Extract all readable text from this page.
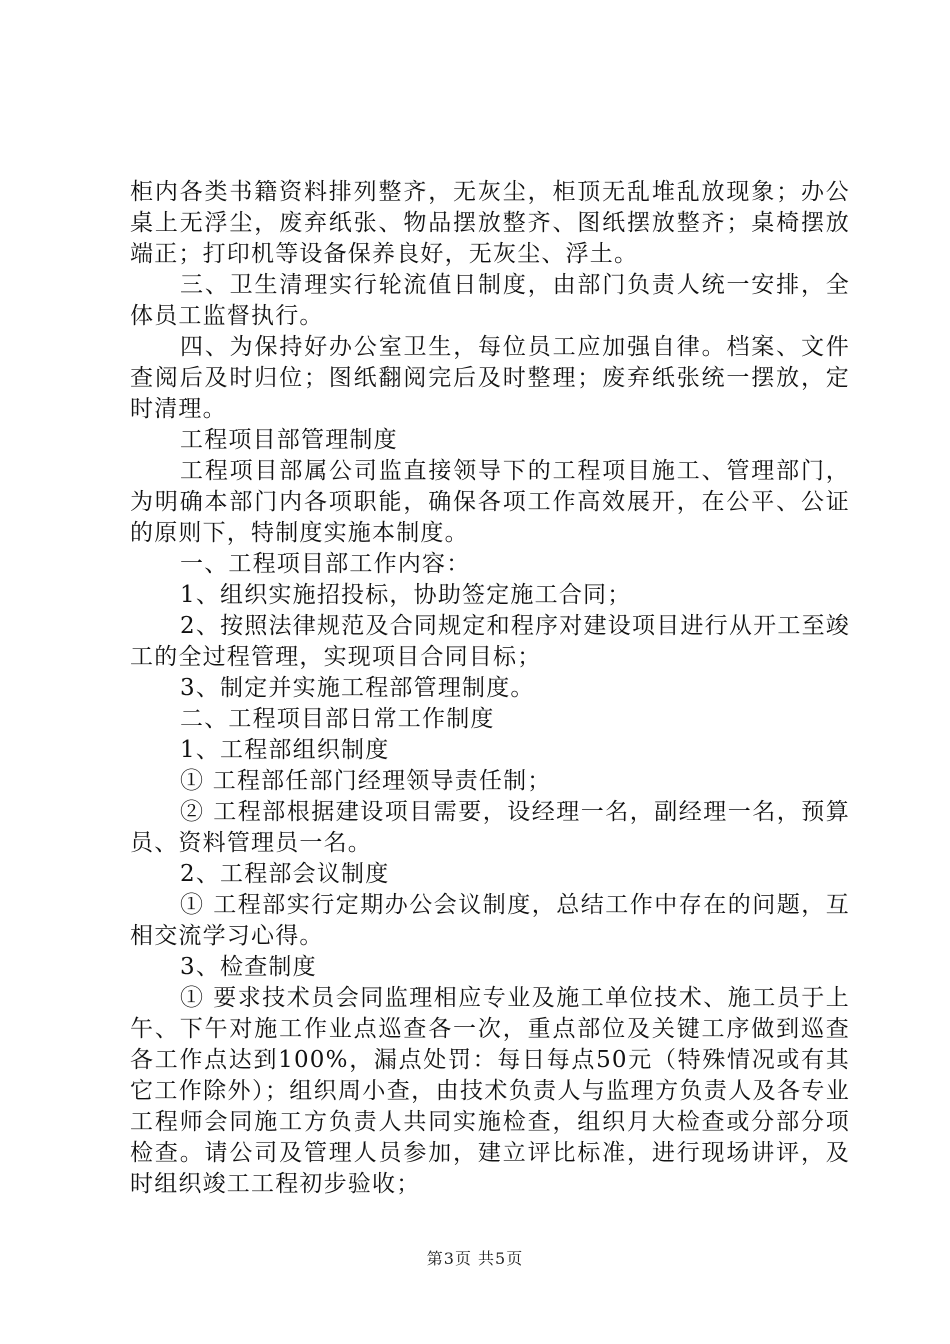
柜内各类书籍资料排列整齐，无灰尘，柜顶无乱堆乱放现象；办公桌上无浮尘，废弃纸张、物品摆放整齐、图纸摆放整齐；桌椅摆放端正；打印机等设备保养良好，无灰尘、浮土。

三、卫生清理实行轮流值日制度，由部门负责人统一安排，全体员工监督执行。

四、为保持好办公室卫生，每位员工应加强自律。档案、文件查阅后及时归位；图纸翻阅完后及时整理；废弃纸张统一摆放，定时清理。

工程项目部管理制度

工程项目部属公司监直接领导下的工程项目施工、管理部门，为明确本部门内各项职能，确保各项工作高效展开，在公平、公证的原则下，特制度实施本制度。

一、工程项目部工作内容：

1、组织实施招投标，协助签定施工合同；

2、按照法律规范及合同规定和程序对建设项目进行从开工至竣工的全过程管理，实现项目合同目标；

3、制定并实施工程部管理制度。

二、工程项目部日常工作制度

1、工程部组织制度

① 工程部任部门经理领导责任制；

② 工程部根据建设项目需要，设经理一名，副经理一名，预算员、资料管理员一名。

2、工程部会议制度

① 工程部实行定期办公会议制度，总结工作中存在的问题，互相交流学习心得。

3、检查制度

① 要求技术员会同监理相应专业及施工单位技术、施工员于上午、下午对施工作业点巡查各一次，重点部位及关键工序做到巡查各工作点达到100%，漏点处罚：每日每点50元（特殊情况或有其它工作除外）；组织周小查，由技术负责人与监理方负责人及各专业工程师会同施工方负责人共同实施检查，组织月大检查或分部分项检查。请公司及管理人员参加，建立评比标准，进行现场讲评，及时组织竣工工程初步验收；

第3页 共5页
